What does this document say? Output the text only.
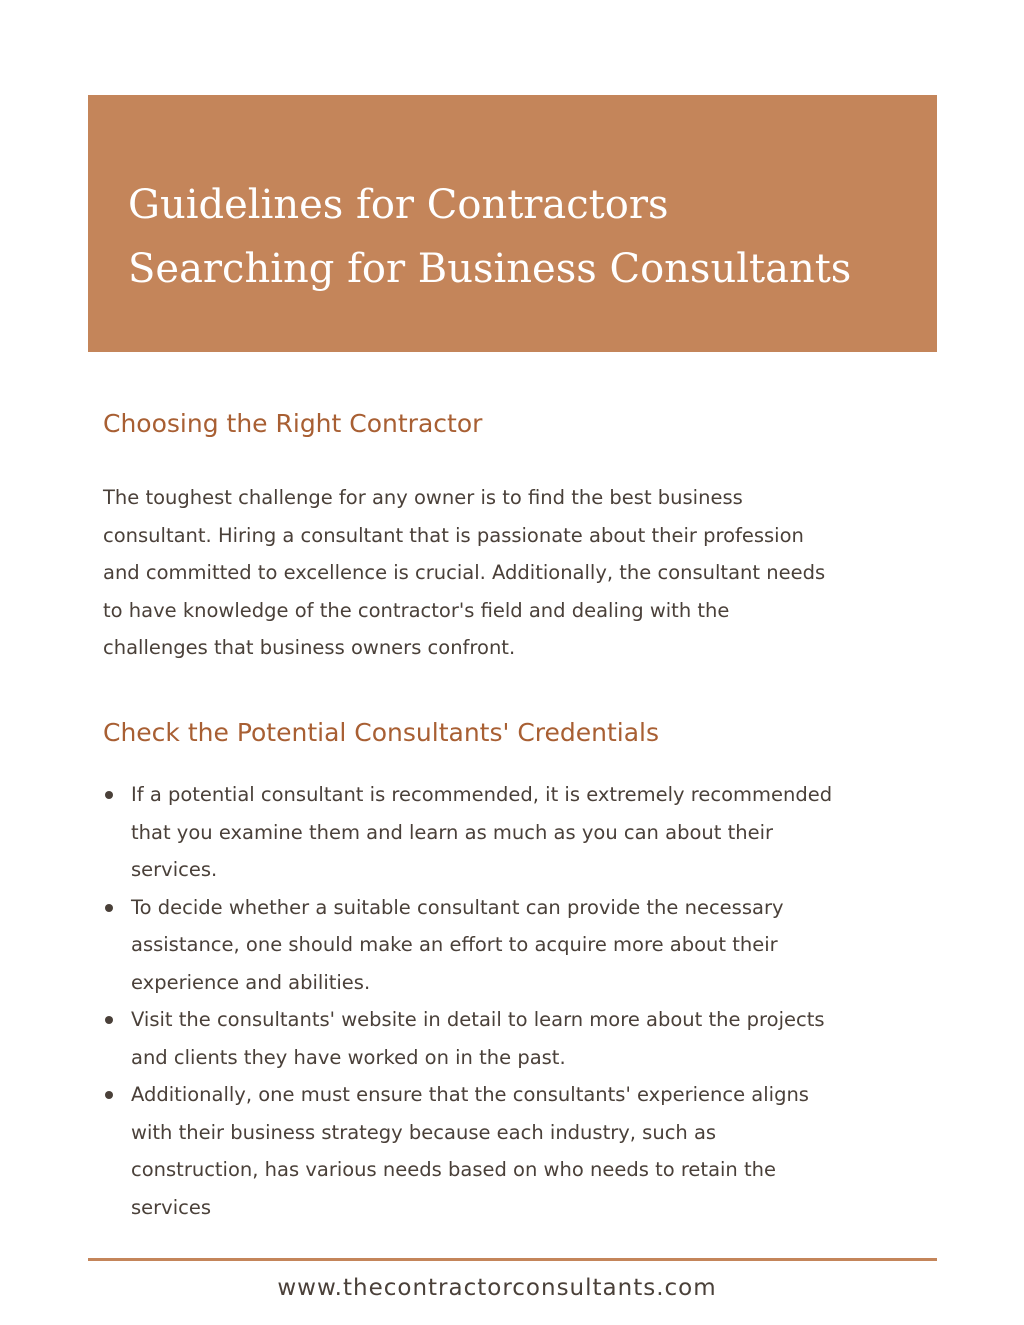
Guidelines for Contractors
Searching for Business Consultants
Choosing the Right Contractor

The toughest challenge for any owner is to find the best business
consultant. Hiring a consultant that is passionate about their profession
and committed to excellence is crucial. Additionally, the consultant needs
to have knowledge of the contractor's field and dealing with the
challenges that business owners confront.

Check the Potential Consultants' Credentials
If a potential consultant is recommended, it is extremely recommended
that you examine them and learn as much as you can about their
services.
To decide whether a suitable consultant can provide the necessary
assistance, one should make an effort to acquire more about their
experience and abilities.
Visit the consultants' website in detail to learn more about the projects
and clients they have worked on in the past.
Additionally, one must ensure that the consultants' experience aligns
with their business strategy because each industry, such as
construction, has various needs based on who needs to retain the
services
www.thecontractorconsultants.com
